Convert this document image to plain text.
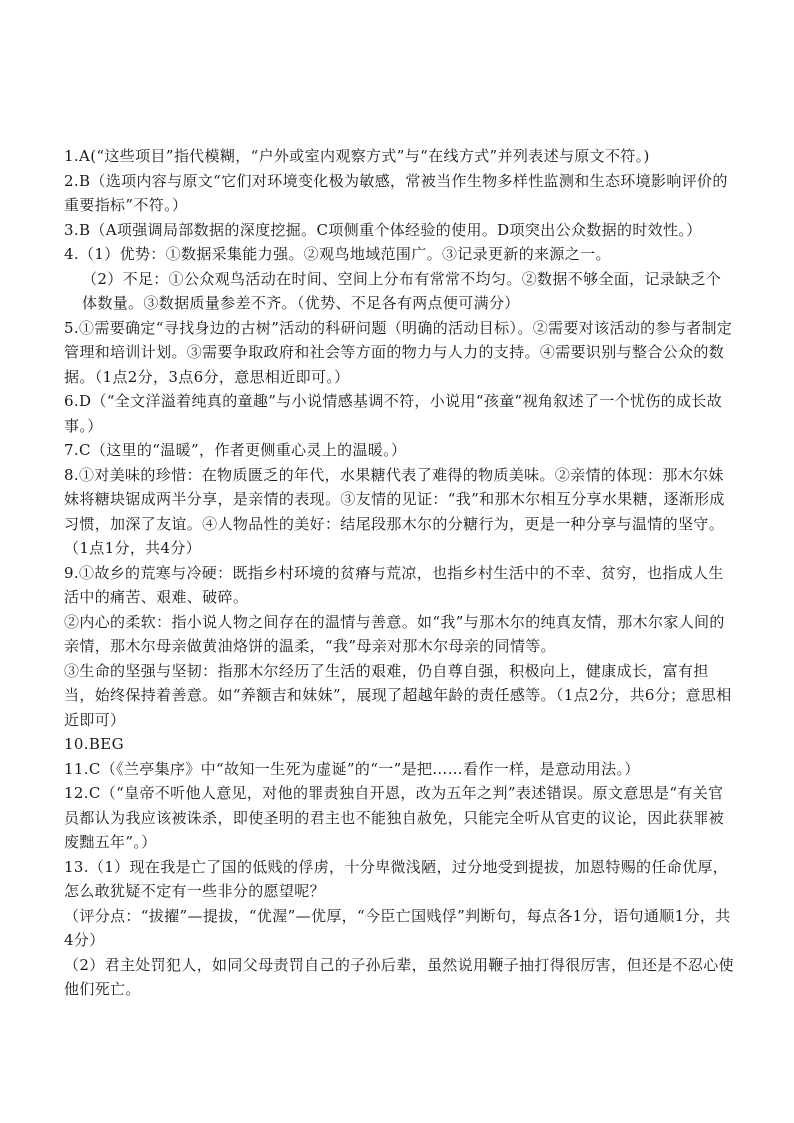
1.A(“这些项目”指代模糊，“户外或室内观察方式”与“在线方式”并列表述与原文不符。)

2.B（选项内容与原文“它们对环境变化极为敏感，常被当作生物多样性监测和生态环境影响评价的重要指标”不符。）

3.B（A项强调局部数据的深度挖掘。C项侧重个体经验的使用。D项突出公众数据的时效性。）

4.（1）优势：①数据采集能力强。②观鸟地域范围广。③记录更新的来源之一。

（2）不足：①公众观鸟活动在时间、空间上分布有常常不均匀。②数据不够全面，记录缺乏个体数量。③数据质量参差不齐。（优势、不足各有两点便可满分）

5.①需要确定“寻找身边的古树”活动的科研问题（明确的活动目标）。②需要对该活动的参与者制定管理和培训计划。③需要争取政府和社会等方面的物力与人力的支持。④需要识别与整合公众的数据。（1点2分，3点6分，意思相近即可。）

6.D（“全文洋溢着纯真的童趣”与小说情感基调不符，小说用“孩童”视角叙述了一个忧伤的成长故事。）

7.C（这里的“温暖”，作者更侧重心灵上的温暖。）

8.①对美味的珍惜：在物质匮乏的年代，水果糖代表了难得的物质美味。②亲情的体现：那木尔妹妹将糖块锯成两半分享，是亲情的表现。③友情的见证：“我”和那木尔相互分享水果糖，逐渐形成习惯，加深了友谊。④人物品性的美好：结尾段那木尔的分糖行为，更是一种分享与温情的坚守。（1点1分，共4分）

9.①故乡的荒寒与冷硬：既指乡村环境的贫瘠与荒凉，也指乡村生活中的不幸、贫穷，也指成人生活中的痛苦、艰难、破碎。

②内心的柔软：指小说人物之间存在的温情与善意。如“我”与那木尔的纯真友情，那木尔家人间的亲情，那木尔母亲做黄油烙饼的温柔，“我”母亲对那木尔母亲的同情等。

③生命的坚强与坚韧：指那木尔经历了生活的艰难，仍自尊自强，积极向上，健康成长，富有担当，始终保持着善意。如“养额吉和妹妹”，展现了超越年龄的责任感等。（1点2分，共6分；意思相近即可）

10.BEG

11.C（《兰亭集序》中“故知一生死为虚诞”的“一”是把……看作一样，是意动用法。）

12.C（“皇帝不听他人意见，对他的罪责独自开恩，改为五年之判”表述错误。原文意思是“有关官员都认为我应该被诛杀，即使圣明的君主也不能独自赦免，只能完全听从官吏的议论，因此获罪被废黜五年”。）

13.（1）现在我是亡了国的低贱的俘虏，十分卑微浅陋，过分地受到提拔，加恩特赐的任命优厚，怎么敢犹疑不定有一些非分的愿望呢？

（评分点：“拔擢”—提拔，“优渥”—优厚，“今臣亡国贱俘”判断句，每点各1分，语句通顺1分，共4分）

（2）君主处罚犯人，如同父母责罚自己的子孙后辈，虽然说用鞭子抽打得很厉害，但还是不忍心使他们死亡。
